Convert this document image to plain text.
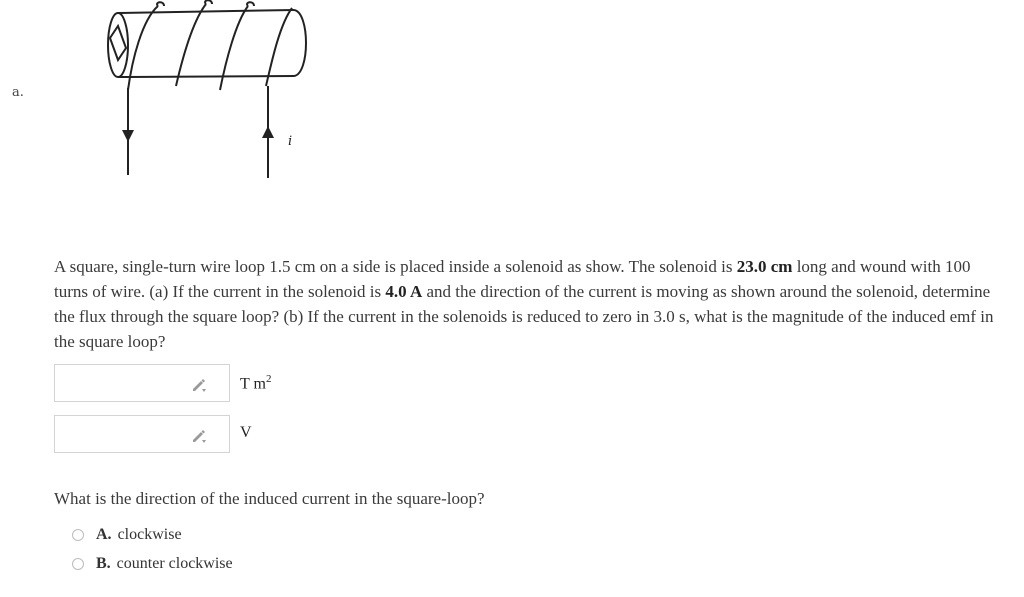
a.
i
A square, single-turn wire loop 1.5 cm on a side is placed inside a solenoid as show. The solenoid is 23.0 cm long and wound with 100 turns of wire. (a) If the current in the solenoid is 4.0 A and the direction of the current is moving as shown around the solenoid, determine the flux through the square loop? (b) If the current in the solenoids is reduced to zero in 3.0 s, what is the magnitude of the induced emf in the square loop?
T $m^2$
V
What is the direction of the induced current in the square-loop?
A. clockwise
B. counter clockwise
